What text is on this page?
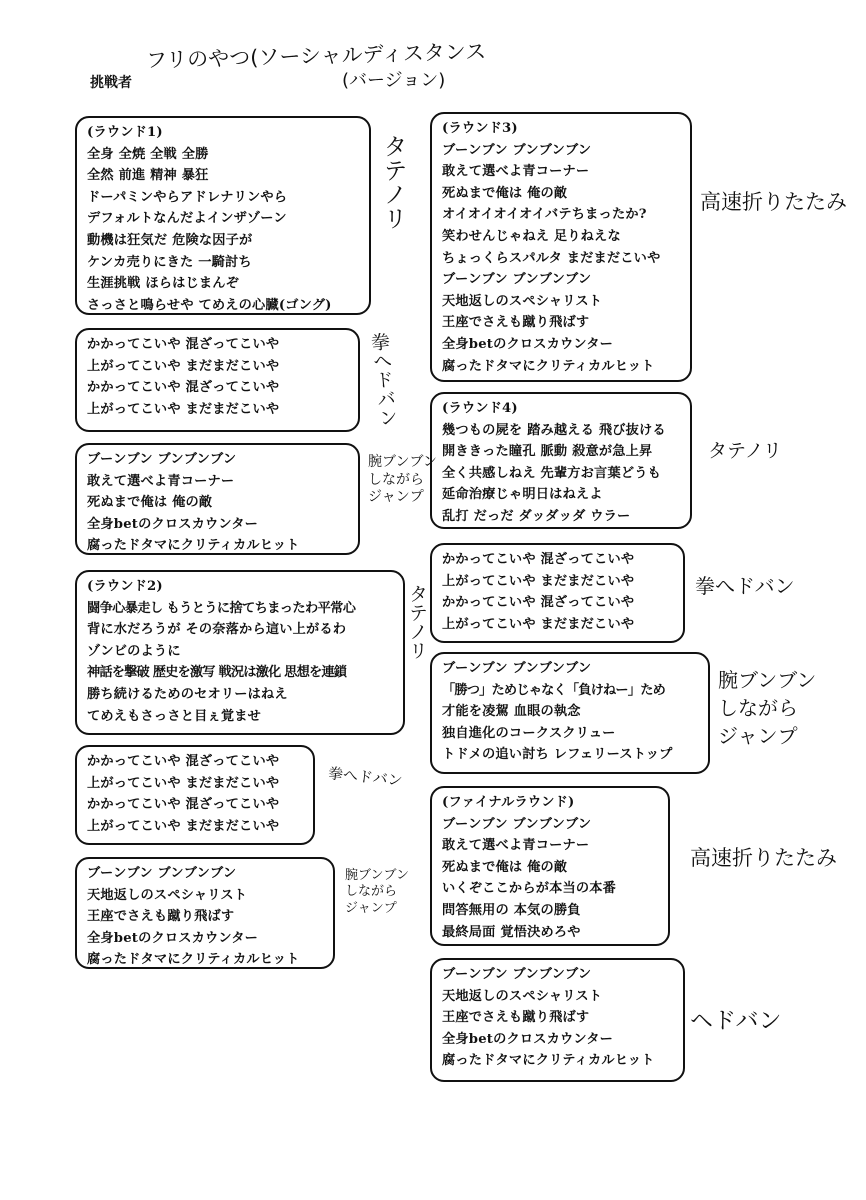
挑戦者
フリのやつ(ソーシャルディスタンス
(バージョン)
(ラウンド1)
全身 全焼 全戦 全勝
全然 前進 精神 暴狂
ドーパミンやらアドレナリンやら
デフォルトなんだよインザゾーン
動機は狂気だ 危険な因子が
ケンカ売りにきた 一騎討ち
生涯挑戦 ほらはじまんぞ
さっさと鳴らせや てめえの心臓(ゴング)
かかってこいや 混ざってこいや
上がってこいや まだまだこいや
かかってこいや 混ざってこいや
上がってこいや まだまだこいや
ブーンブン ブンブンブン
敢えて選べよ青コーナー
死ぬまで俺は 俺の敵
全身betのクロスカウンター
腐ったドタマにクリティカルヒット
(ラウンド2)
闘争心暴走し もうとうに捨てちまったわ平常心
背に水だろうが その奈落から這い上がるわ
ゾンビのように
神話を撃破 歴史を激写 戦況は激化 思想を連鎖
勝ち続けるためのセオリーはねえ
てめえもさっさと目ぇ覚ませ
かかってこいや 混ざってこいや
上がってこいや まだまだこいや
かかってこいや 混ざってこいや
上がってこいや まだまだこいや
ブーンブン ブンブンブン
天地返しのスペシャリスト
王座でさえも蹴り飛ばす
全身betのクロスカウンター
腐ったドタマにクリティカルヒット
(ラウンド3)
ブーンブン ブンブンブン
敢えて選べよ青コーナー
死ぬまで俺は 俺の敵
オイオイオイオイバテちまったか?
笑わせんじゃねえ 足りねえな
ちょっくらスパルタ まだまだこいや
ブーンブン ブンブンブン
天地返しのスペシャリスト
王座でさえも蹴り飛ばす
全身betのクロスカウンター
腐ったドタマにクリティカルヒット
(ラウンド4)
幾つもの屍を 踏み越える 飛び抜ける
開ききった瞳孔 脈動 殺意が急上昇
全く共感しねえ 先輩方お言葉どうも
延命治療じゃ明日はねえよ
乱打 だっだ ダッダッダ ウラー
かかってこいや 混ざってこいや
上がってこいや まだまだこいや
かかってこいや 混ざってこいや
上がってこいや まだまだこいや
ブーンブン ブンブンブン
「勝つ」ためじゃなく「負けねー」ため
才能を凌駕 血眼の執念
独自進化のコークスクリュー
トドメの追い討ち レフェリーストップ
(ファイナルラウンド)
ブーンブン ブンブンブン
敢えて選べよ青コーナー
死ぬまで俺は 俺の敵
いくぞここからが本当の本番
問答無用の 本気の勝負
最終局面 覚悟決めろや
ブーンブン ブンブンブン
天地返しのスペシャリスト
王座でさえも蹴り飛ばす
全身betのクロスカウンター
腐ったドタマにクリティカルヒット
タテノリ
拳へドバン
腕ブンブン
しながら
ジャンプ
タテノリ
拳へドバン
腕ブンブン
しながら
ジャンプ
高速折りたたみ
タテノリ
拳へドバン
腕ブンブン
しながら
ジャンプ
高速折りたたみ
ヘドバン
